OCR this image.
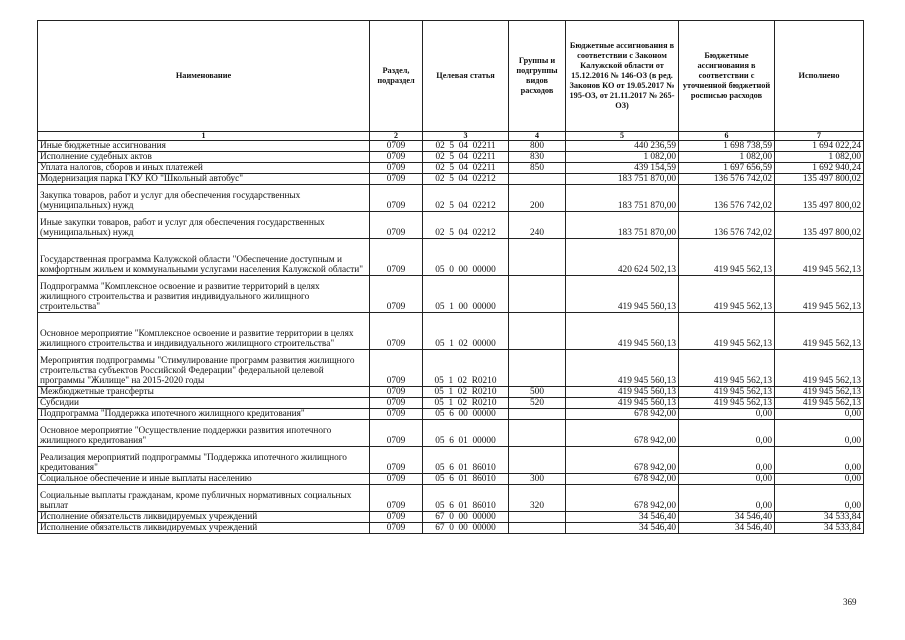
Наименование	Раздел, подраздел	Целевая статья	Группы и подгруппы видов расходов	Бюджетные ассигнования в соответствии с Законом Калужской области от 15.12.2016 № 146-ОЗ (в ред. Законов КО от 19.05.2017 № 195-ОЗ, от 21.11.2017 № 265-ОЗ)	Бюджетные ассигнования в соответствии с уточненной бюджетной росписью расходов	Исполнено
1	2	3	4	5	6	7
Иные бюджетные ассигнования	0709	02  5  04  02211	800	440 236,59	1 698 738,59	1 694 022,24
Исполнение судебных актов	0709	02  5  04  02211	830	1 082,00	1 082,00	1 082,00
Уплата налогов, сборов и иных платежей	0709	02  5  04  02211	850	439 154,59	1 697 656,59	1 692 940,24
Модернизация парка ГКУ КО "Школьный автобус"	0709	02  5  04  02212		183 751 870,00	136 576 742,02	135 497 800,02
Закупка товаров, работ и услуг для обеспечения государственных (муниципальных) нужд	0709	02  5  04  02212	200	183 751 870,00	136 576 742,02	135 497 800,02
Иные закупки товаров, работ и услуг для обеспечения государственных (муниципальных) нужд	0709	02  5  04  02212	240	183 751 870,00	136 576 742,02	135 497 800,02
Государственная программа Калужской области "Обеспечение доступным и комфортным жильем и коммунальными услугами населения Калужской области"	0709	05  0  00  00000		420 624 502,13	419 945 562,13	419 945 562,13
Подпрограмма "Комплексное освоение и развитие территорий в целях жилищного строительства и развития индивидуального жилищного строительства"	0709	05  1  00  00000		419 945 560,13	419 945 562,13	419 945 562,13
Основное мероприятие "Комплексное освоение и развитие территории в целях жилищного строительства и индивидуального жилищного строительства"	0709	05  1  02  00000		419 945 560,13	419 945 562,13	419 945 562,13
Мероприятия подпрограммы "Стимулирование программ развития жилищного строительства субъектов Российской Федерации" федеральной целевой программы "Жилище" на 2015-2020 годы	0709	05  1  02  R0210		419 945 560,13	419 945 562,13	419 945 562,13
Межбюджетные трансферты	0709	05  1  02  R0210	500	419 945 560,13	419 945 562,13	419 945 562,13
Субсидии	0709	05  1  02  R0210	520	419 945 560,13	419 945 562,13	419 945 562,13
Подпрограмма "Поддержка ипотечного жилищного кредитования"	0709	05  6  00  00000		678 942,00	0,00	0,00
Основное мероприятие "Осуществление поддержки развития ипотечного жилищного кредитования"	0709	05  6  01  00000		678 942,00	0,00	0,00
Реализация мероприятий подпрограммы "Поддержка ипотечного жилищного кредитования"	0709	05  6  01  86010		678 942,00	0,00	0,00
Социальное обеспечение и иные выплаты населению	0709	05  6  01  86010	300	678 942,00	0,00	0,00
Социальные выплаты гражданам, кроме публичных нормативных социальных выплат	0709	05  6  01  86010	320	678 942,00	0,00	0,00
Исполнение обязательств ликвидируемых учреждений	0709	67  0  00  00000		34 546,40	34 546,40	34 533,84
Исполнение обязательств ликвидируемых учреждений	0709	67  0  00  00000		34 546,40	34 546,40	34 533,84
369
